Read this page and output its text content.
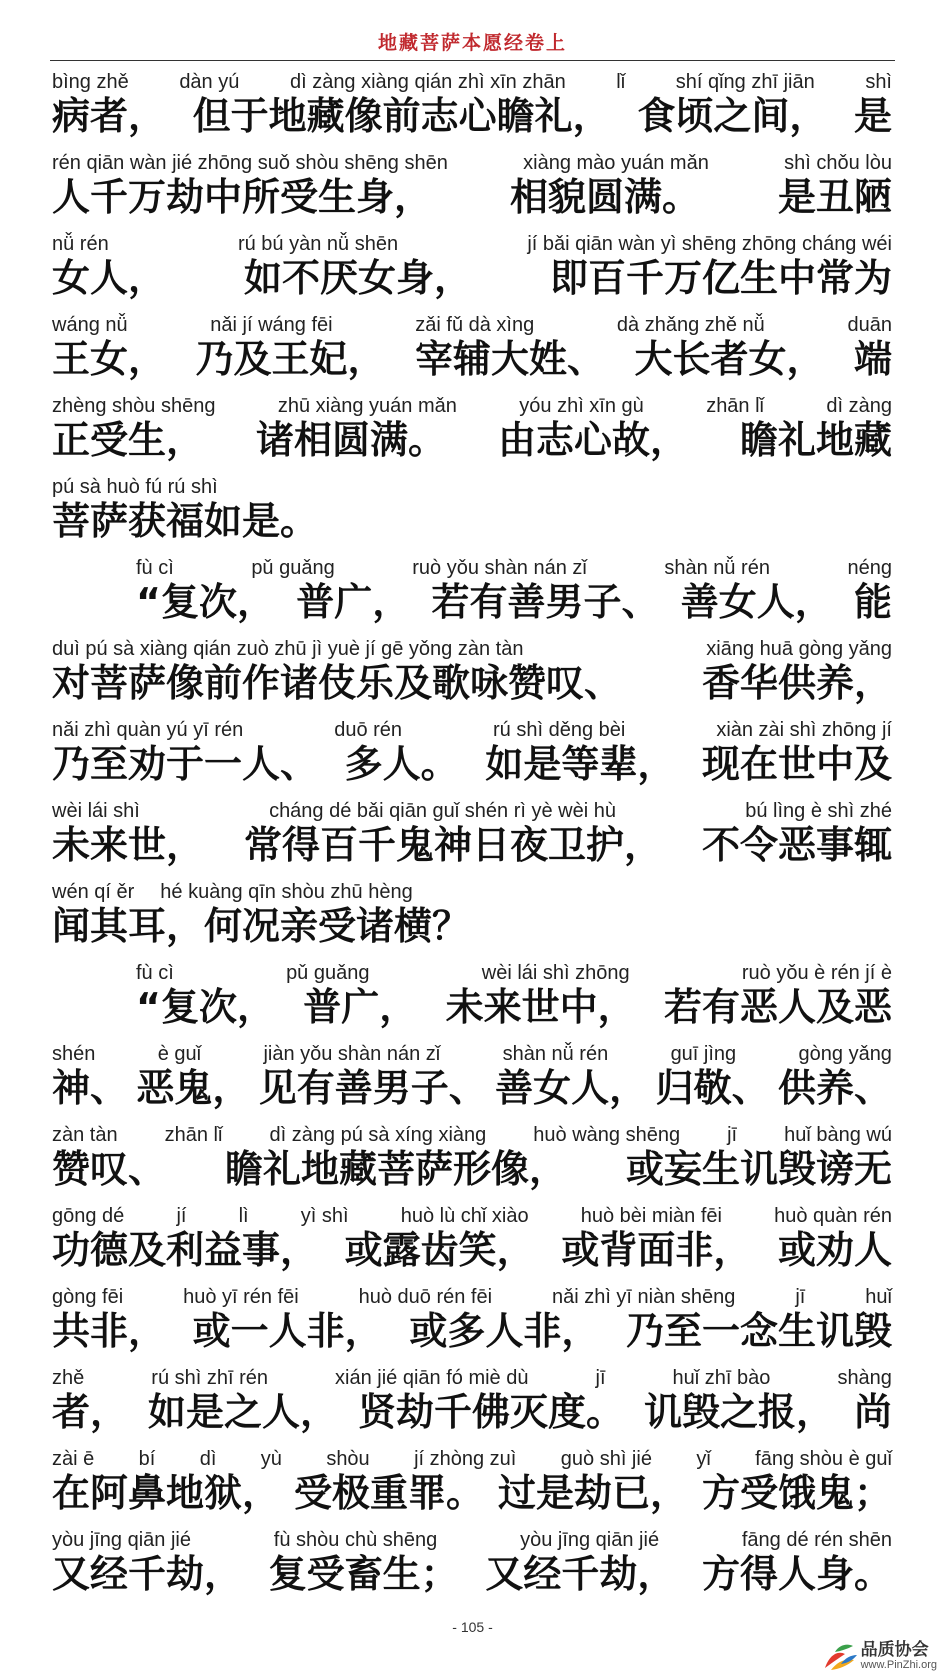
地藏菩萨本愿经卷上
bìng zhě	dàn yú	dì zàng xiàng qián zhì xīn zhān	lǐ	shí qǐng zhī jiān	shì
病者， 但于地藏像前志心瞻礼， 食顷之间， 是
rén qiān wàn jié zhōng suǒ shòu shēng shēn	xiàng mào yuán mǎn	shì chǒu lòu
人千万劫中所受生身， 相貌圆满。 是丑陋
nǚ rén	rú bú yàn nǚ shēn	jí bǎi qiān wàn yì shēng zhōng cháng wéi
女人， 如不厌女身， 即百千万亿生中常为
wáng nǚ	nǎi jí wáng fēi	zǎi fǔ dà xìng	dà zhǎng zhě nǚ	duān
王女， 乃及王妃， 宰辅大姓、 大长者女， 端
zhèng shòu shēng	zhū xiàng yuán mǎn	yóu zhì xīn gù	zhān lǐ	dì zàng
正受生， 诸相圆满。 由志心故， 瞻礼地藏
pú sà huò fú rú shì
菩萨获福如是。
fù cì	pǔ guǎng	ruò yǒu shàn nán zǐ	shàn nǚ rén	néng
“复次， 普广， 若有善男子、 善女人， 能
duì pú sà xiàng qián zuò zhū jì yuè jí gē yǒng zàn tàn	xiāng huā gòng yǎng
对菩萨像前作诸伎乐及歌咏赞叹、 香华供养，
nǎi zhì quàn yú yī rén	duō rén	rú shì děng bèi	xiàn zài shì zhōng jí
乃至劝于一人、 多人。 如是等辈， 现在世中及
wèi lái shì	cháng dé bǎi qiān guǐ shén rì yè wèi hù	bú lìng è shì zhé
未来世， 常得百千鬼神日夜卫护， 不令恶事辄
wén qí ěr hé kuàng qīn shòu zhū hèng
闻其耳， 何况亲受诸横？
fù cì	pǔ guǎng	wèi lái shì zhōng	ruò yǒu è rén jí è
“复次， 普广， 未来世中， 若有恶人及恶
shén	è guǐ	jiàn yǒu shàn nán zǐ	shàn nǚ rén	guī jìng	gòng yǎng
神、 恶鬼， 见有善男子、 善女人， 归敬、 供养、
zàn tàn zhān lǐ dì zàng pú sà xíng xiàng huò wàng shēng jī huǐ bàng wú
赞叹、 瞻礼地藏菩萨形像， 或妄生讥毁谤无
gōng dé	jí	lì	yì shì	huò lù chǐ xiào	huò bèi miàn fēi	huò quàn rén
功德及利益事， 或露齿笑， 或背面非， 或劝人
gòng fēi	huò yī rén fēi	huò duō rén fēi	nǎi zhì yī niàn shēng	jī	huǐ
共非， 或一人非， 或多人非， 乃至一念生讥毁
zhě	rú shì zhī rén	xián jié qiān fó miè dù	jī	huǐ zhī bào	shàng
者， 如是之人， 贤劫千佛灭度。 讥毁之报， 尚
zài ē bí dì yù shòu jí zhòng zuì guò shì jié yǐ fāng shòu è guǐ
在阿鼻地狱， 受极重罪。 过是劫已， 方受饿鬼；
yòu jīng qiān jié	fù shòu chù shēng	yòu jīng qiān jié	fāng dé rén shēn
又经千劫， 复受畜生； 又经千劫， 方得人身。
- 105 -
品质协会
www.PinZhi.org
